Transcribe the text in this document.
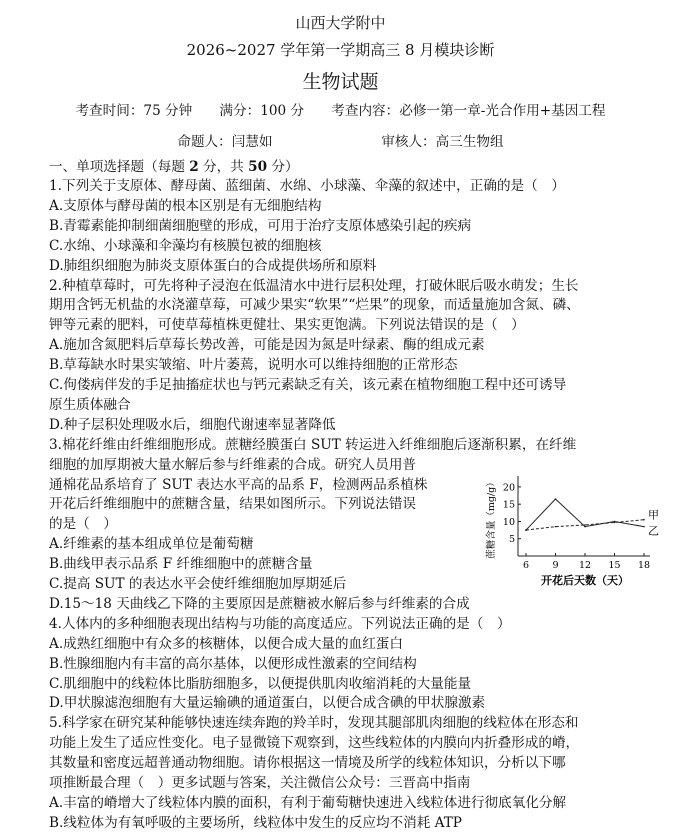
山西大学附中
2026~2027 学年第一学期高三 8 月模块诊断
生物试题
考查时间：75 分钟　　满分：100 分　　考查内容：必修一第一章-光合作用+基因工程
命题人：闫慧如　　　　　　　　审核人：高三生物组
一、单项选择题（每题 2 分，共 50 分）
1.下列关于支原体、酵母菌、蓝细菌、水绵、小球藻、伞藻的叙述中，正确的是（　）
A.支原体与酵母菌的根本区别是有无细胞结构
B.青霉素能抑制细菌细胞壁的形成，可用于治疗支原体感染引起的疾病
C.水绵、小球藻和伞藻均有核膜包被的细胞核
D.肺组织细胞为肺炎支原体蛋白的合成提供场所和原料
2.种植草莓时，可先将种子浸泡在低温清水中进行层积处理，打破休眠后吸水萌发；生长
期用含钙无机盐的水浇灌草莓，可减少果实“软果”“烂果”的现象，而适量施加含氮、磷、
钾等元素的肥料，可使草莓植株更健壮、果实更饱满。下列说法错误的是（　）
A.施加含氮肥料后草莓长势改善，可能是因为氮是叶绿素、酶的组成元素
B.草莓缺水时果实皱缩、叶片萎蔫，说明水可以维持细胞的正常形态
C.佝偻病伴发的手足抽搐症状也与钙元素缺乏有关，该元素在植物细胞工程中还可诱导
原生质体融合
D.种子层积处理吸水后，细胞代谢速率显著降低
3.棉花纤维由纤维细胞形成。蔗糖经膜蛋白 SUT 转运进入纤维细胞后逐渐积累，在纤维
细胞的加厚期被大量水解后参与纤维素的合成。研究人员用普
通棉花品系培育了 SUT 表达水平高的品系 F，检测两品系植株
开花后纤维细胞中的蔗糖含量，结果如图所示。下列说法错误
的是（　）
A.纤维素的基本组成单位是葡萄糖
B.曲线甲表示品系 F 纤维细胞中的蔗糖含量
C.提高 SUT 的表达水平会使纤维细胞加厚期延后
D.15～18 天曲线乙下降的主要原因是蔗糖被水解后参与纤维素的合成
4.人体内的多种细胞表现出结构与功能的高度适应。下列说法正确的是（　）
A.成熟红细胞中有众多的核糖体，以便合成大量的血红蛋白
B.性腺细胞内有丰富的高尔基体，以便形成性激素的空间结构
C.肌细胞中的线粒体比脂肪细胞多，以便提供肌肉收缩消耗的大量能量
D.甲状腺滤泡细胞有大量运输碘的通道蛋白，以便合成含碘的甲状腺激素
5.科学家在研究某种能够快速连续奔跑的羚羊时，发现其腿部肌肉细胞的线粒体在形态和
功能上发生了适应性变化。电子显微镜下观察到，这些线粒体的内膜向内折叠形成的嵴，
其数量和密度远超普通动物细胞。请你根据这一情境及所学的线粒体知识，分析以下哪
项推断最合理（　）更多试题与答案，关注微信公众号：三晋高中指南
A.丰富的嵴增大了线粒体内膜的面积，有利于葡萄糖快速进入线粒体进行彻底氧化分解
B.线粒体为有氧呼吸的主要场所，线粒体中发生的反应均不消耗 ATP
蔗糖含量（mg/g） 5
10
15
20
6 9 12 15 18
开花后天数（天）
甲
乙
